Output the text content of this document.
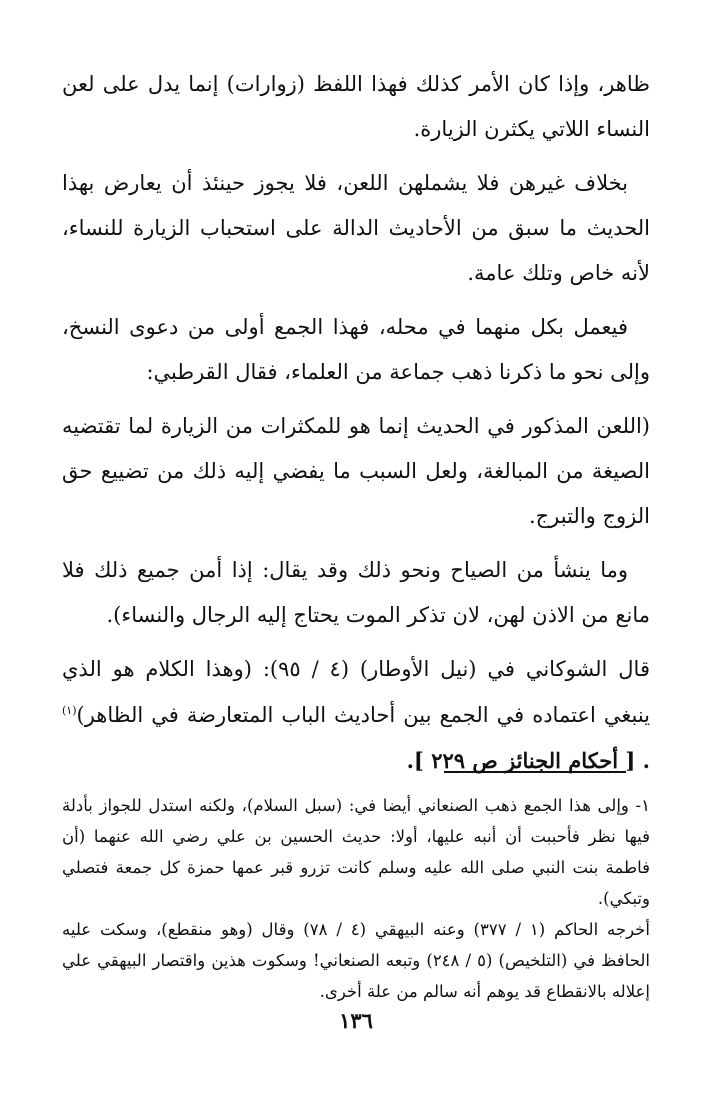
ظاهر، وإذا كان الأمر كذلك فهذا اللفظ (زوارات) إنما يدل على لعن النساء اللاتي يكثرن الزيارة.

بخلاف غيرهن فلا يشملهن اللعن، فلا يجوز حينئذ أن يعارض بهذا الحديث ما سبق من الأحاديث الدالة على استحباب الزيارة للنساء، لأنه خاص وتلك عامة.

فيعمل بكل منهما في محله، فهذا الجمع أولى من دعوى النسخ، وإلى نحو ما ذكرنا ذهب جماعة من العلماء، فقال القرطبي:

(اللعن المذكور في الحديث إنما هو للمكثرات من الزيارة لما تقتضيه الصيغة من المبالغة، ولعل السبب ما يفضي إليه ذلك من تضييع حق الزوج والتبرج.

وما ينشأ من الصياح ونحو ذلك وقد يقال: إذا أمن جميع ذلك فلا مانع من الاذن لهن، لان تذكر الموت يحتاج إليه الرجال والنساء).

قال الشوكاني في (نيل الأوطار) (٤ / ٩٥): (وهذا الكلام هو الذي ينبغي اعتماده في الجمع بين أحاديث الباب المتعارضة في الظاهر)$^{(١)}$ . [ أحكام الجنائز ص ٢٢٩ ].

١- وإلى هذا الجمع ذهب الصنعاني أيضا في: (سبل السلام)، ولكنه استدل للجواز بأدلة فيها نظر فأحببت أن أنبه عليها، أولا: حديث الحسين بن علي رضي الله عنهما (أن فاطمة بنت النبي صلى الله عليه وسلم كانت تزرو قبر عمها حمزة كل جمعة فتصلي وتبكي).

أخرجه الحاكم (١ / ٣٧٧) وعنه البيهقي (٤ / ٧٨) وقال (وهو منقطع)، وسكت عليه الحافظ في (التلخيص) (٥ / ٢٤٨) وتبعه الصنعاني! وسكوت هذين واقتصار البيهقي علي إعلاله بالانقطاع قد يوهم أنه سالم من علة أخرى.

١٣٦
